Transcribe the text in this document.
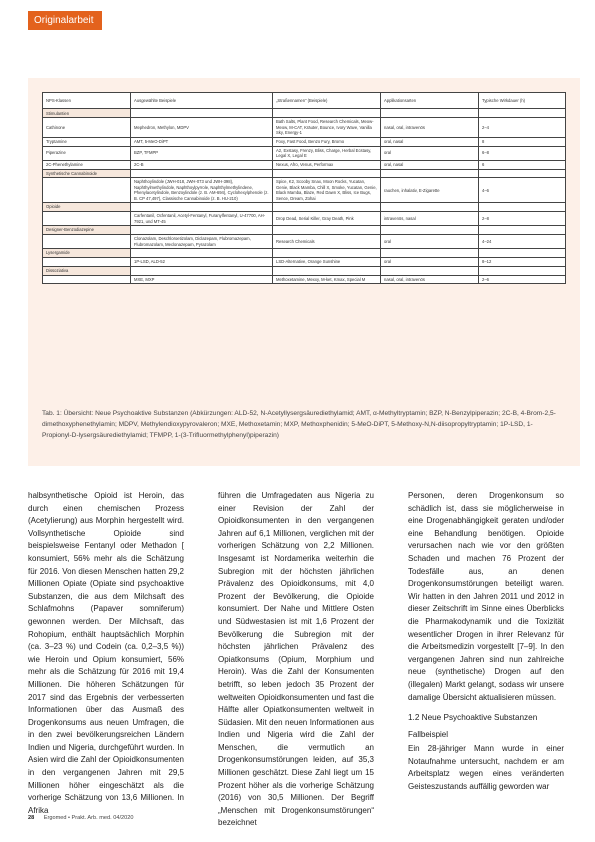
Originalarbeit
NPS-Klassen	Ausgewählte Beispiele	„Straßennamen“ (Beispiele)	Applikationsarten	Typische Wirkdauer (h)
Stimulantien				
Cathinone	Mephedron, Methylon, MDPV	Bath Salts, Plant Food, Research Chemicals, Meow-Meow, M-CAT, Kräuter, Bounce, Ivory Wave, Vanilla Sky, Energy-1	nasal, oral, intravenös	2–4
Tryptamine	AMT, 5-MeO-DiPT	Foxy, Fast Food, Benzo Fury, Bromo	oral, nasal	8
Piperazine	BZP, TFMPP	A2, Exstasy, Frenzy, Bliss, Charge, Herbal Ecstasy, Legal X, Legal E	oral	6–8
2C-Phenethylamine	2C-B	Nexus, Afro, Venus, Performax	oral, nasal	6
Synthetische Cannabinoide				
	Naphthoylindole (JWH-018, JWH-073 und JWH-398), Naphthylmethylindole, Naphthoylpyrrole, Naphthylmethylindene, Phenylacetylindole, Benzoylindole (z. B. AM-694), Cyclohexylphenole (z. B. CP 47,497), Classische Cannabinoide (z. B. HU-210)	Spice, K2, Scooby Snax, Moon Rocks, Yucatan, Genie, Black Mamba, Chill X, Smoke, Yucatan, Genie, Black Mamba, Blaze, Red Dawn X, Bliss, Ice Bugs, Sence, Dream, Zohai	rauchen, inhalativ, E-Zigarette	4–6
Opioide				
	Carfentanil, Ocfentanil, Acetyl-Fentanyl, Furanylfentanyl, U-47700, AH-7921, und MT-45	Drop Dead, Serial Killer, Gray Death, Pink	intravenös, nasal	2–8
Designer-Benzodiazepine				
	Clonazolam, Deschloroetizolam, Diclazepam, Flubromazepam, Flubromazolam, Meclonazepam, Pyrazolam	Research Chemicals	oral	4–24
Lysergamide				
	1P-LSD, ALD-52	LSD-Alternative, Orange Sunshine	oral	8–12
Dissoziativa				
	MXE, MXP	Methoxetamine, Mexxy, M-ket, Kmax, Special M	nasal, oral, intravenös	2–6
Tab. 1: Übersicht: Neue Psychoaktive Substanzen (Abkürzungen: ALD-52, N-Acetyllysergsäurediethylamid; AMT, α-Methyltryptamin; BZP, N-Benzylpiperazin; 2C-B, 4-Brom-2,5-dimethoxyphenethylamin; MDPV, Methylendioxypyrovaleron; MXE, Methoxetamin; MXP, Methoxphenidin; 5-MeO-DiPT, 5-Methoxy-N,N-diisopropyltryptamin; 1P-LSD, 1-Propionyl-D-lysergsäurediethylamid; TFMPP, 1-(3-Trifluormethylphenyl)piperazin)

halbsynthetische Opioid ist Heroin, das durch einen chemischen Prozess (Acetylierung) aus Morphin hergestellt wird. Vollsynthetische Opioide sind beispielsweise Fentanyl oder Methadon [ konsumiert, 56% mehr als die Schätzung für 2016. Von diesen Menschen hatten 29,2 Millionen Opiate (Opiate sind psychoaktive Substanzen, die aus dem Milchsaft des Schlafmohns (Papaver somniferum) gewonnen werden. Der Milchsaft, das Rohopium, enthält hauptsächlich Morphin (ca. 3–23 %) und Codein (ca. 0,2–3,5 %)) wie Heroin und Opium konsumiert, 56% mehr als die Schätzung für 2016 mit 19,4 Millionen. Die höheren Schätzungen für 2017 sind das Ergebnis der verbesserten Informationen über das Ausmaß des Drogenkonsums aus neuen Umfragen, die in den zwei bevölkerungsreichen Ländern Indien und Nigeria, durchgeführt wurden. In Asien wird die Zahl der Opioidkonsumenten in den vergangenen Jahren mit 29,5 Millionen höher eingeschätzt als die vorherige Schätzung von 13,6 Millionen. In Afrika

führen die Umfragedaten aus Nigeria zu einer Revision der Zahl der Opioidkonsumenten in den vergangenen Jahren auf 6,1 Millionen, verglichen mit der vorherigen Schätzung von 2,2 Millionen. Insgesamt ist Nordamerika weiterhin die Subregion mit der höchsten jährlichen Prävalenz des Opioidkonsums, mit 4,0 Prozent der Bevölkerung, die Opioide konsumiert. Der Nahe und Mittlere Osten und Südwestasien ist mit 1,6 Prozent der Bevölkerung die Subregion mit der höchsten jährlichen Prävalenz des Opiatkonsums (Opium, Morphium und Heroin). Was die Zahl der Konsumenten betrifft, so leben jedoch 35 Prozent der weltweiten Opioidkonsumenten und fast die Hälfte aller Opiatkonsumenten weltweit in Südasien. Mit den neuen Informationen aus Indien und Nigeria wird die Zahl der Menschen, die vermutlich an Drogenkonsumstörungen leiden, auf 35,3 Millionen geschätzt. Diese Zahl liegt um 15 Prozent höher als die vorherige Schätzung (2016) von 30,5 Millionen. Der Begriff „Menschen mit Drogenkonsumstörungen“ bezeichnet

Personen, deren Drogenkonsum so schädlich ist, dass sie möglicherweise in eine Drogenabhängigkeit geraten und/oder eine Behandlung benötigen. Opioide verursachen nach wie vor den größten Schaden und machen 76 Prozent der Todesfälle aus, an denen Drogenkonsumstörungen beteiligt waren. Wir hatten in den Jahren 2011 und 2012 in dieser Zeitschrift im Sinne eines Überblicks die Pharmakodynamik und die Toxizität wesentlicher Drogen in ihrer Relevanz für die Arbeitsmedizin vorgestellt [7–9]. In den vergangenen Jahren sind nun zahlreiche neue (synthetische) Drogen auf den (illegalen) Markt gelangt, sodass wir unsere damalige Übersicht aktualisieren müssen.

1.2 Neue Psychoaktive Substanzen

Fallbeispiel

Ein 28-jähriger Mann wurde in einer Notaufnahme untersucht, nachdem er am Arbeitsplatz wegen eines veränderten Geisteszustands auffällig geworden war

28 Ergomed • Prakt. Arb. med. 04/2020
